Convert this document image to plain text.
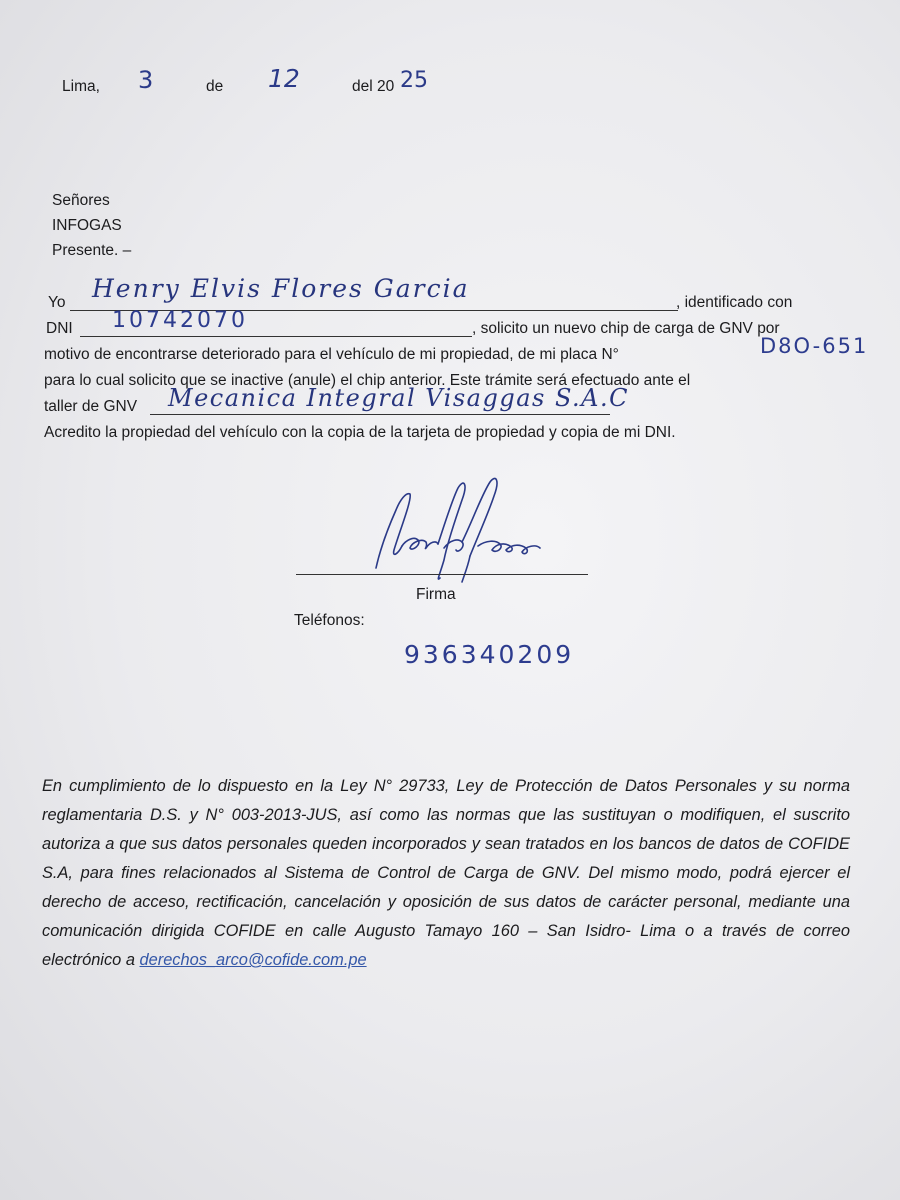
Lima, 3	de 12	del 20 25
Señores
INFOGAS
Presente. –
Yo Henry Elvis Flores Garcia	, identificado con
DNI 10742070	, solicito un nuevo chip de carga de GNV por
motivo de encontrarse deteriorado para el vehículo de mi propiedad, de mi placa N°	D8O-651
para lo cual solicito que se inactive (anule) el chip anterior. Este trámite será efectuado ante el
taller de GNV Mecanica Integral Visaggas S.A.C
Acredito la propiedad del vehículo con la copia de la tarjeta de propiedad y copia de mi DNI.
Firma
Teléfonos:
936340209
En cumplimiento de lo dispuesto en la Ley N° 29733, Ley de Protección de Datos Personales y su norma reglamentaria D.S. y N° 003-2013-JUS, así como las normas que las sustituyan o modifiquen, el suscrito autoriza a que sus datos personales queden incorporados y sean tratados en los bancos de datos de COFIDE S.A, para fines relacionados al Sistema de Control de Carga de GNV. Del mismo modo, podrá ejercer el derecho de acceso, rectificación, cancelación y oposición de sus datos de carácter personal, mediante una comunicación dirigida COFIDE en calle Augusto Tamayo 160 – San Isidro- Lima o a través de correo electrónico a derechos_arco@cofide.com.pe
